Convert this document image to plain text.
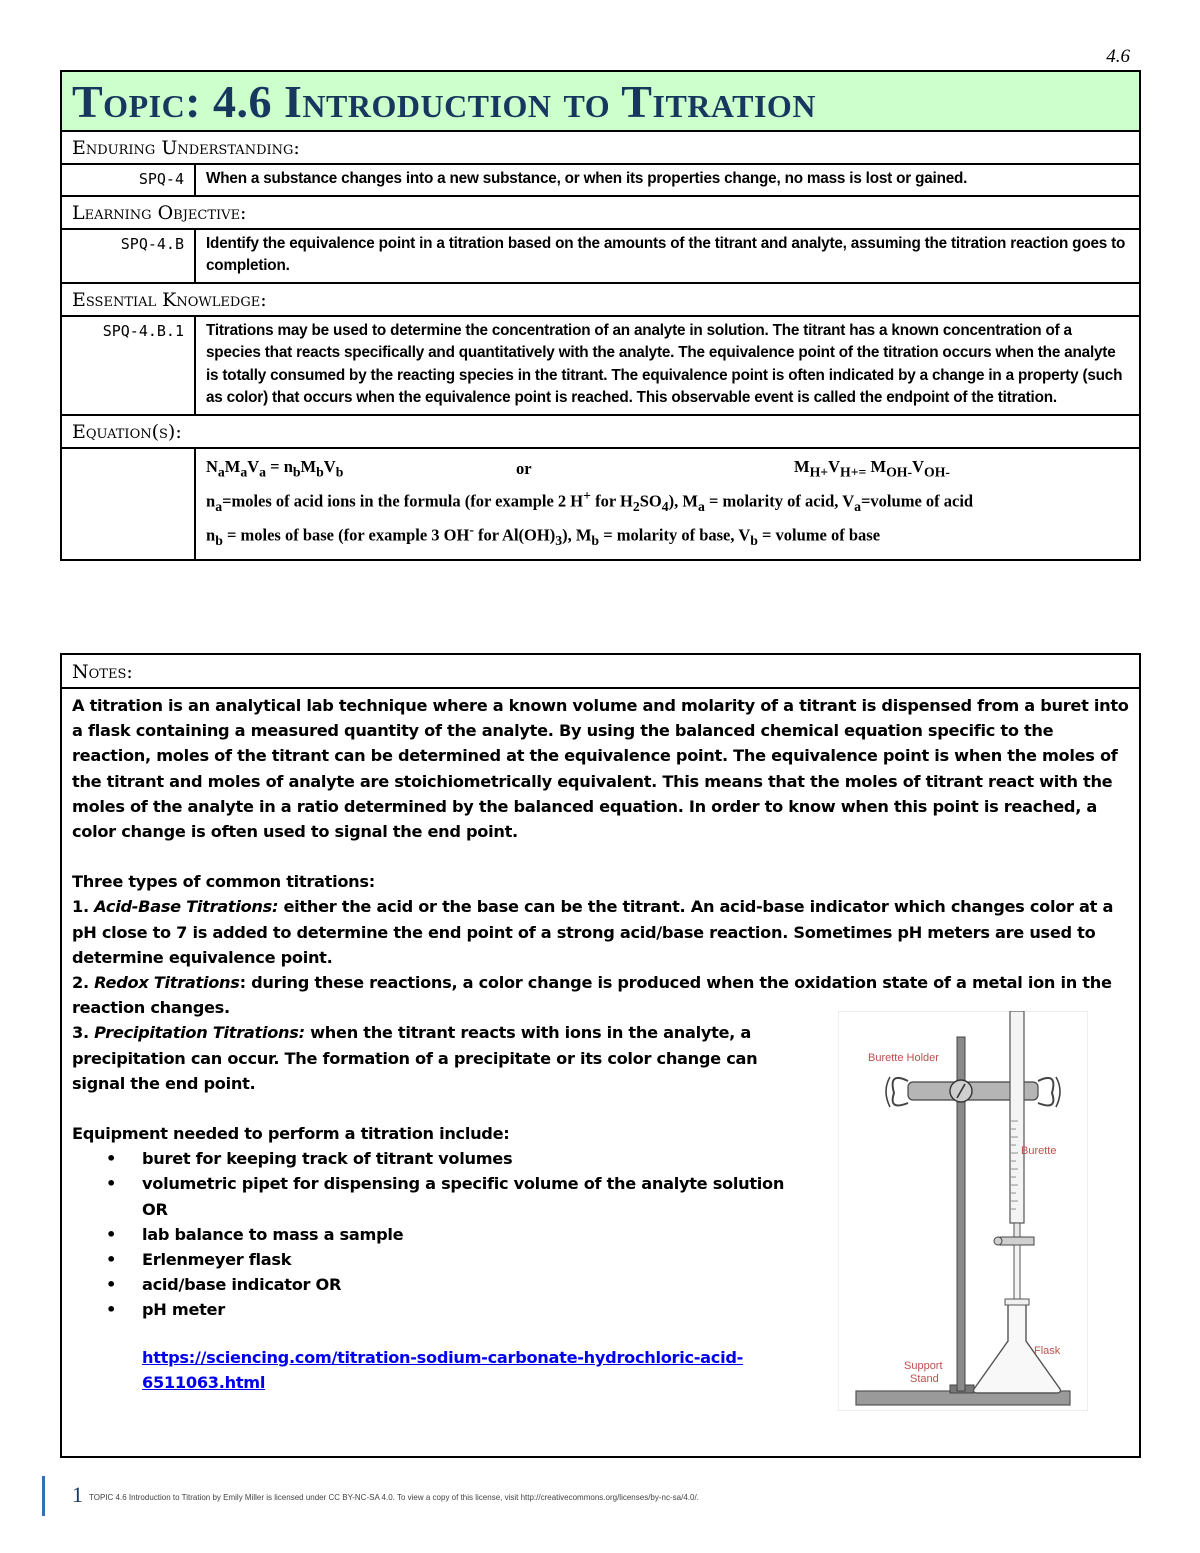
4.6
Topic: 4.6 Introduction to Titration	

Enduring Understanding:	

SPQ-4	When a substance changes into a new substance, or when its properties change, no mass is lost or gained.

Learning Objective:	

SPQ-4.B	Identify the equivalence point in a titration based on the amounts of the titrant and analyte, assuming the titration reaction goes to completion.

Essential Knowledge:	

SPQ-4.B.1	Titrations may be used to determine the concentration of an analyte in solution. The titrant has a known concentration of a species that reacts specifically and quantitatively with the analyte. The equivalence point of the titration occurs when the analyte is totally consumed by the reacting species in the titrant. The equivalence point is often indicated by a change in a property (such as color) that occurs when the equivalence point is reached. This observable event is called the endpoint of the titration.

Equation(s):	

	$N_aM_aV_a = n_bM_bV_b$ or $M_{H+}V_{H+=}$ $M_{OH-}V_{OH-}$
$n_a=moles$ of acid ions in the formula (for example 2 H+ for $H_2SO_4$), $M_a$ = molarity of acid, $V_a=volume$ of acid
$n_b$ = moles of base (for example 3 OH- for $Al(OH)_3$), $M_b$ = molarity of base, $V_b$ = volume of base
Notes:

A titration is an analytical lab technique where a known volume and molarity of a titrant is dispensed from a buret into a flask containing a measured quantity of the analyte. By using the balanced chemical equation specific to the reaction, moles of the titrant can be determined at the equivalence point. The equivalence point is when the moles of the titrant and moles of analyte are stoichiometrically equivalent. This means that the moles of titrant react with the moles of the analyte in a ratio determined by the balanced equation. In order to know when this point is reached, a color change is often used to signal the end point.

Three types of common titrations:

1. Acid-Base Titrations: either the acid or the base can be the titrant. An acid-base indicator which changes color at a pH close to 7 is added to determine the end point of a strong acid/base reaction. Sometimes pH meters are used to determine equivalence point.

2. Redox Titrations: during these reactions, a color change is produced when the oxidation state of a metal ion in the reaction changes.

3. Precipitation Titrations: when the titrant reacts with ions in the analyte, a precipitation can occur. The formation of a precipitate or its color change can signal the end point.

Equipment needed to perform a titration include:

• buret for keeping track of titrant volumes
• volumetric pipet for dispensing a specific volume of the analyte solution OR
• lab balance to mass a sample
• Erlenmeyer flask
• acid/base indicator OR
• pH meter
https://sciencing.com/titration-sodium-carbonate-hydrochloric-acid-6511063.html
Burette Holder
Burette
Flask
Support
Stand
1 TOPIC 4.6 Introduction to Titration by Emily Miller is licensed under CC BY-NC-SA 4.0. To view a copy of this license, visit http://creativecommons.org/licenses/by-nc-sa/4.0/.
